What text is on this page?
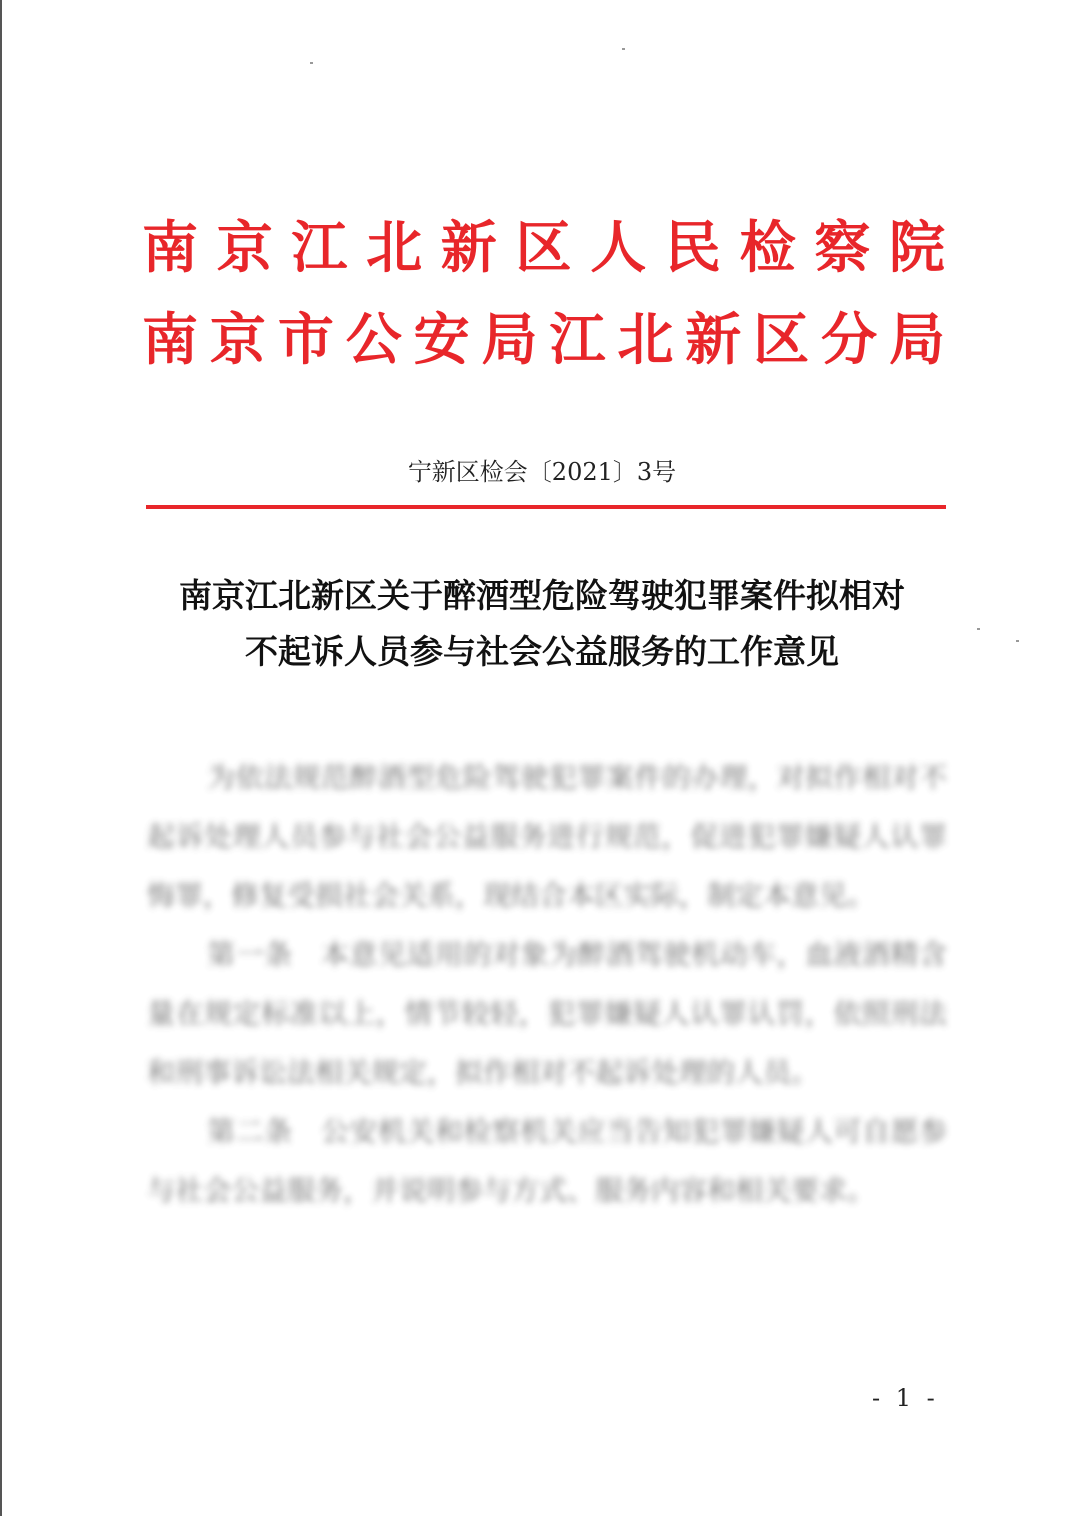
南京江北新区人民检察院
南京市公安局江北新区分局
宁新区检会〔2021〕3号
南京江北新区关于醉酒型危险驾驶犯罪案件拟相对
不起诉人员参与社会公益服务的工作意见

为依法规范醉酒型危险驾驶犯罪案件的办理，对拟作相对不起诉处理人员参与社会公益服务进行规范，促进犯罪嫌疑人认罪悔罪，修复受损社会关系，现结合本区实际，制定本意见。

第一条　本意见适用的对象为醉酒驾驶机动车，血液酒精含量在规定标准以上，情节较轻，犯罪嫌疑人认罪认罚，依照刑法和刑事诉讼法相关规定，拟作相对不起诉处理的人员。

第二条　公安机关和检察机关应当告知犯罪嫌疑人可自愿参与社会公益服务，并说明参与方式、服务内容和相关要求。

- 1 -
